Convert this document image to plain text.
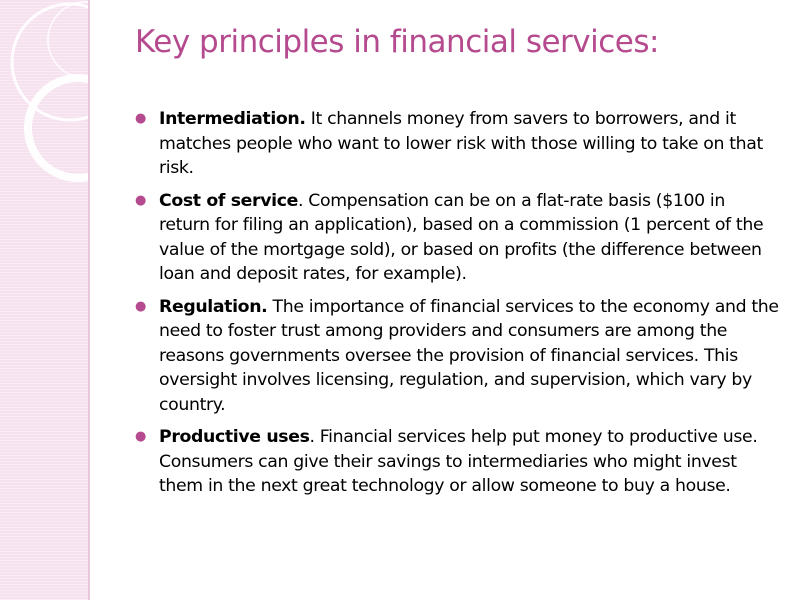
Key principles in financial services:
● Intermediation. It channels money from savers to borrowers, and it matches people who want to lower risk with those willing to take on that risk.
● Cost of service. Compensation can be on a flat-rate basis ($100 in return for filing an application), based on a commission (1 percent of the value of the mortgage sold), or based on profits (the difference between loan and deposit rates, for example).
● Regulation. The importance of financial services to the economy and the need to foster trust among providers and consumers are among the reasons governments oversee the provision of financial services. This oversight involves licensing, regulation, and supervision, which vary by country.
● Productive uses. Financial services help put money to productive use. Consumers can give their savings to intermediaries who might invest them in the next great technology or allow someone to buy a house.
